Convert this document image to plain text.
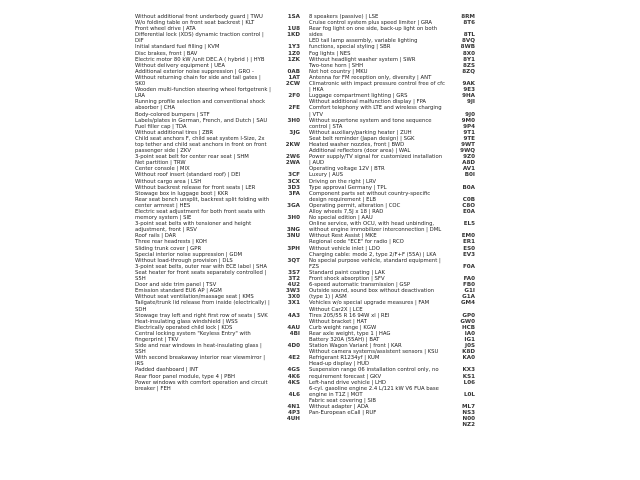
Without additional front underbody guard | TWU
W/o folding table on front seat backrest | KLT
Front wheel drive | ATA
Differential lock (XDS) dynamic traction control | DIF
Initial standard fuel filling | KVM
Disc brakes, front | BAV
Electric motor 80 kW /unit DEC.A ( hybrid ) | HYB
Without delivery equipment | UEA
Additional exterior noise suppression | GRO -
Without returning chain for side and tail gates | SK0
Wooden multi-function steering wheel fortgetrenk | LRA
Running profile selection and conventional shock absorber | CHA
Body-colored bumpers | STF
Labels/plates in German, French, and Dutch | SAU
Fuel filler cap | TDA
Without additional tires | ZBR
Child seat anchors F, child seat system I-Size, 2x top tether and child seat anchors in front on front passenger side | ZKV
3-point seat belt for center rear seat | SHM
Net partition | TRW
Center console | MIX
Without roof insert (standard roof) | DEI
Without cargo area | LSH
Without backrest release for front seats | LER
Stowage box in luggage boot | KKR
Rear seat bench unsplit, backrest split folding with center armrest | HES
Electric seat adjustment for both front seats with memory system | SIE
3-point seat belts with tensioner and height adjustment, front | RSV
Roof rails | DAR
Three rear headrests | KOH
Sliding trunk cover | GPR
Special interior noise suppression | GDM
Without load-through provision | DLS
3-point seat belts, outer rear with ECE label | SHA
Seat heater for front seats separately controlled | S5H
Door and side trim panel | TSV
Emission standard EU6 AP | AGM
Without seat ventilation/massage seat | KMS
Tailgate/trunk lid release from inside (electrically) | SDH
Stowage tray left and right first row of seats | SVK
Heat-insulating glass windshield | WSS
Electrically operated child lock | KDS
Central locking system "Keyless Entry" with fingerprint | TKV
Side and rear windows in heat-insulating glass | SSH
With second breakaway interior rear viewmirror | IRS
Padded dashboard | INT
Rear floor panel module, type 4 | PBH
Power windows with comfort operation and circuit breaker | FEH
1SA
1U8
1KD
1Y3
1Z0
1ZK
0AB
1AT
2CW
2F0
2FE
3H0
3JG
2KW
2W6
2WA
3CF
3CX
3D3
3FA
3GA
3H0
3NG
3NU
3PH
3QT
3S7
3T2
4U2
3W3
3X0
3X1
4A3
4AU
4BI
4D0
4E2
4GS
4K6
4KS
4L6
4N1
4P3
4UH
8 speakers (passive) | LSE
Cruise control system plus speed limiter | GRA
Rear fog light on one side, back-up light on both sides
LED tail lamp assembly, variable lighting functions, special styling | SBR
Fog lights | NES
Without headlight washer system | SWR
Two-tone horn | SHH
Not hot country | MKU
Antenna for FM reception only, diversity | ANT
Climatronic with impact pressure control free of cfc | HKA
Luggage compartment lighting | GRS
Without additional malfunction display | FPA
Comfort telephony with LTE and wireless charging | VTV
Without supertone system and tone sequence control | STA
Without auxiliary/parking heater | ZUH
Seat belt reminder (Japan design) | SGK
Heated washer nozzles, front | BWD
Additional reflectors (door area) | WAL
Power supply/TV signal for customized installation | AUD
Operating voltage 12V | BTR
Luxury | AUS
Driving on the right | LRV
Type approval Germany | TPL
Component parts set without country-specific design requirement | ELB
Operating permit, alteration | COC
Alloy wheels 7,5J x 18 | RAD
No special edition | AAU
Online service, with OCU, with head unbinding, without engine immobilizer interconnection | DML
Without Rest Assist | MKE
Regional code "ECE" for radio | RCO
Without vehicle inlet | LDO
Charging cable: mode 2, type 2/F+F (55A) | LKA
No special purpose vehicle, standard equipment | FZS
Standard paint coating | LAK
Front shock absorption | SFV
6-speed automatic transmission | GSP
Outside sound, sound box without deactivation (type 1) | ASM
Vehicles w/o special upgrade measures | FAM
Without Car2X | LCE
Tires 205/55 R 16 94W xl | REI
Without bracket | HAT
Curb weight range | KGW
Rear axle weight, type 1 | HAG
Battery 320A (55AH) | BAT
Station Wagon Variant | front | KAR
Without camera systems/assistent sensors | KSU
Refrigerant R1234yf | KUM
Head-up display | HUD
Suspension range 06 installation control only, no requirement forecast | GKV
Left-hand drive vehicle | LHD
6-cyl. gasoline engine 2.4 L/121 kW V6 FUA base engine in T1Z | MOT
Fabric seat covering | SIB
Without adapter | ADA
Pan-European eCall | RUF
8RM
8T6
8TL
8VQ
8WB
8X0
8Y1
8ZS
8ZQ
9AK
9E3
9HA
9JI
9J0
9M0
9P4
9T1
9TE
9WT
9WQ
9Z0
A8D
AV1
B0I
B0A
C0B
C8O
E0A
EL5
EM0
ER1
ES0
EV3
F0A
FA0
FB0
G1I
G1A
GM4
GP0
GW0
HCB
IA0
IG1
J0S
K8D
KA0
KX3
KS1
L06
L0L
ML7
NS3
N00
NZ2
